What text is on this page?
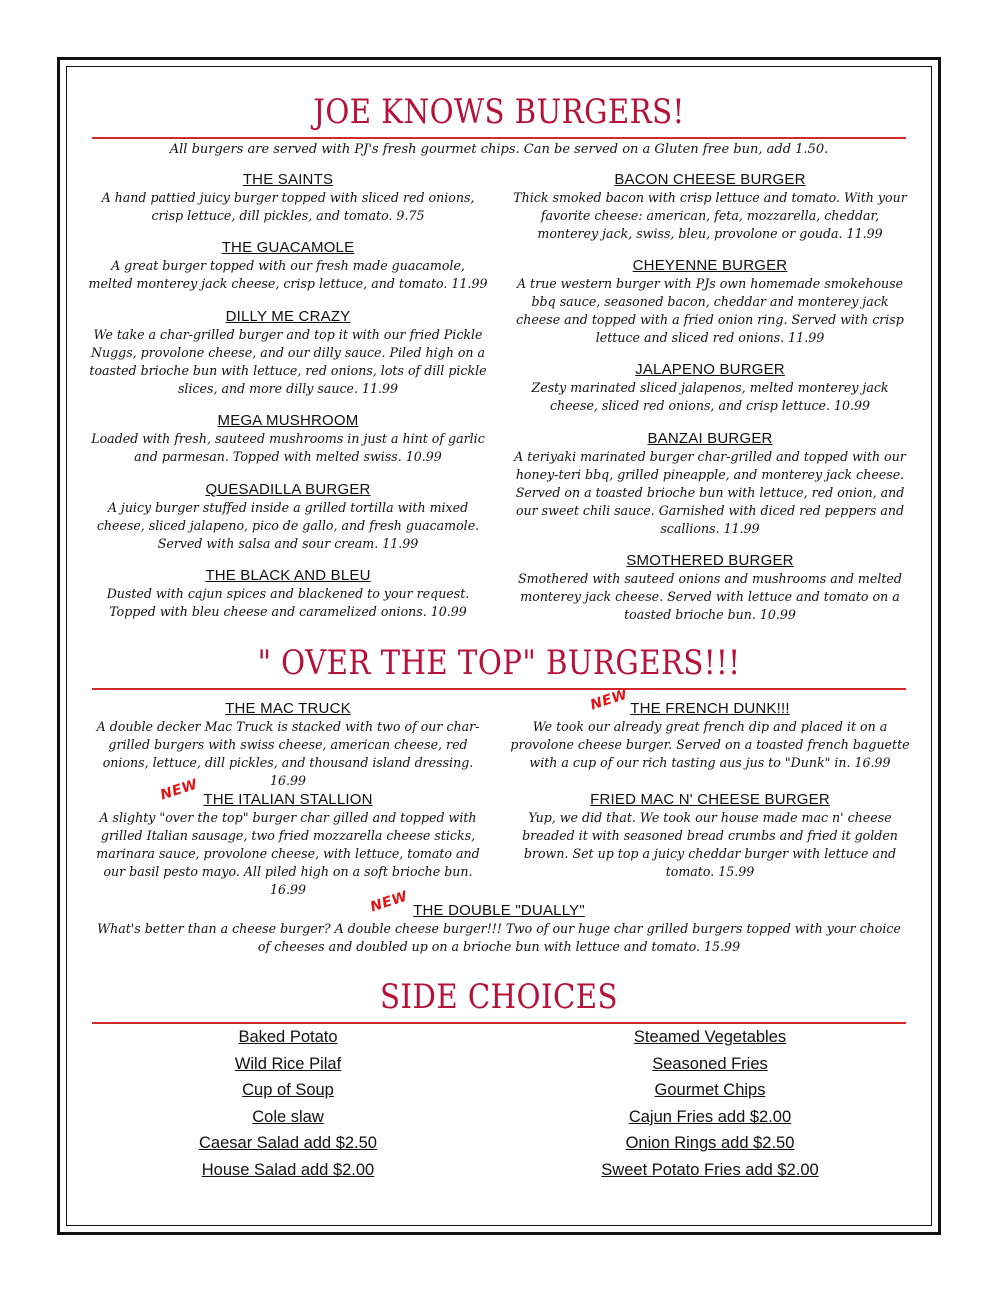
JOE KNOWS BURGERS!
All burgers are served with PJ's fresh gourmet chips. Can be served on a Gluten free bun, add 1.50.
THE SAINTS
A hand pattied juicy burger topped with sliced red onions, crisp lettuce, dill pickles, and tomato. 9.75
THE GUACAMOLE
A great burger topped with our fresh made guacamole, melted monterey jack cheese, crisp lettuce, and tomato. 11.99
DILLY ME CRAZY
We take a char-grilled burger and top it with our fried Pickle Nuggs, provolone cheese, and our dilly sauce. Piled high on a toasted brioche bun with lettuce, red onions, lots of dill pickle slices, and more dilly sauce. 11.99
MEGA MUSHROOM
Loaded with fresh, sauteed mushrooms in just a hint of garlic and parmesan. Topped with melted swiss. 10.99
QUESADILLA BURGER
A juicy burger stuffed inside a grilled tortilla with mixed cheese, sliced jalapeno, pico de gallo, and fresh guacamole. Served with salsa and sour cream. 11.99
THE BLACK AND BLEU
Dusted with cajun spices and blackened to your request. Topped with bleu cheese and caramelized onions. 10.99
BACON CHEESE BURGER
Thick smoked bacon with crisp lettuce and tomato. With your favorite cheese: american, feta, mozzarella, cheddar, monterey jack, swiss, bleu, provolone or gouda. 11.99
CHEYENNE BURGER
A true western burger with PJs own homemade smokehouse bbq sauce, seasoned bacon, cheddar and monterey jack cheese and topped with a fried onion ring. Served with crisp lettuce and sliced red onions. 11.99
JALAPENO BURGER
Zesty marinated sliced jalapenos, melted monterey jack cheese, sliced red onions, and crisp lettuce. 10.99
BANZAI BURGER
A teriyaki marinated burger char-grilled and topped with our honey-teri bbq, grilled pineapple, and monterey jack cheese. Served on a toasted brioche bun with lettuce, red onion, and our sweet chili sauce. Garnished with diced red peppers and scallions. 11.99
SMOTHERED BURGER
Smothered with sauteed onions and mushrooms and melted monterey jack cheese. Served with lettuce and tomato on a toasted brioche bun. 10.99
" OVER THE TOP" BURGERS!!!
THE MAC TRUCK
A double decker Mac Truck is stacked with two of our char-grilled burgers with swiss cheese, american cheese, red onions, lettuce, dill pickles, and thousand island dressing. 16.99
NEW THE ITALIAN STALLION
A slighty "over the top" burger char gilled and topped with grilled Italian sausage, two fried mozzarella cheese sticks, marinara sauce, provolone cheese, with lettuce, tomato and our basil pesto mayo. All piled high on a soft brioche bun. 16.99
NEW THE FRENCH DUNK!!!
We took our already great french dip and placed it on a provolone cheese burger. Served on a toasted french baguette with a cup of our rich tasting aus jus to "Dunk" in. 16.99
FRIED MAC N' CHEESE BURGER
Yup, we did that. We took our house made mac n' cheese breaded it with seasoned bread crumbs and fried it golden brown. Set up top a juicy cheddar burger with lettuce and tomato. 15.99
NEW THE DOUBLE "DUALLY"
What's better than a cheese burger? A double cheese burger!!! Two of our huge char grilled burgers topped with your choice of cheeses and doubled up on a brioche bun with lettuce and tomato. 15.99
SIDE CHOICES
Baked Potato
Wild Rice Pilaf
Cup of Soup
Cole slaw
Caesar Salad add $2.50
House Salad add $2.00
Steamed Vegetables
Seasoned Fries
Gourmet Chips
Cajun Fries add $2.00
Onion Rings add $2.50
Sweet Potato Fries add $2.00
